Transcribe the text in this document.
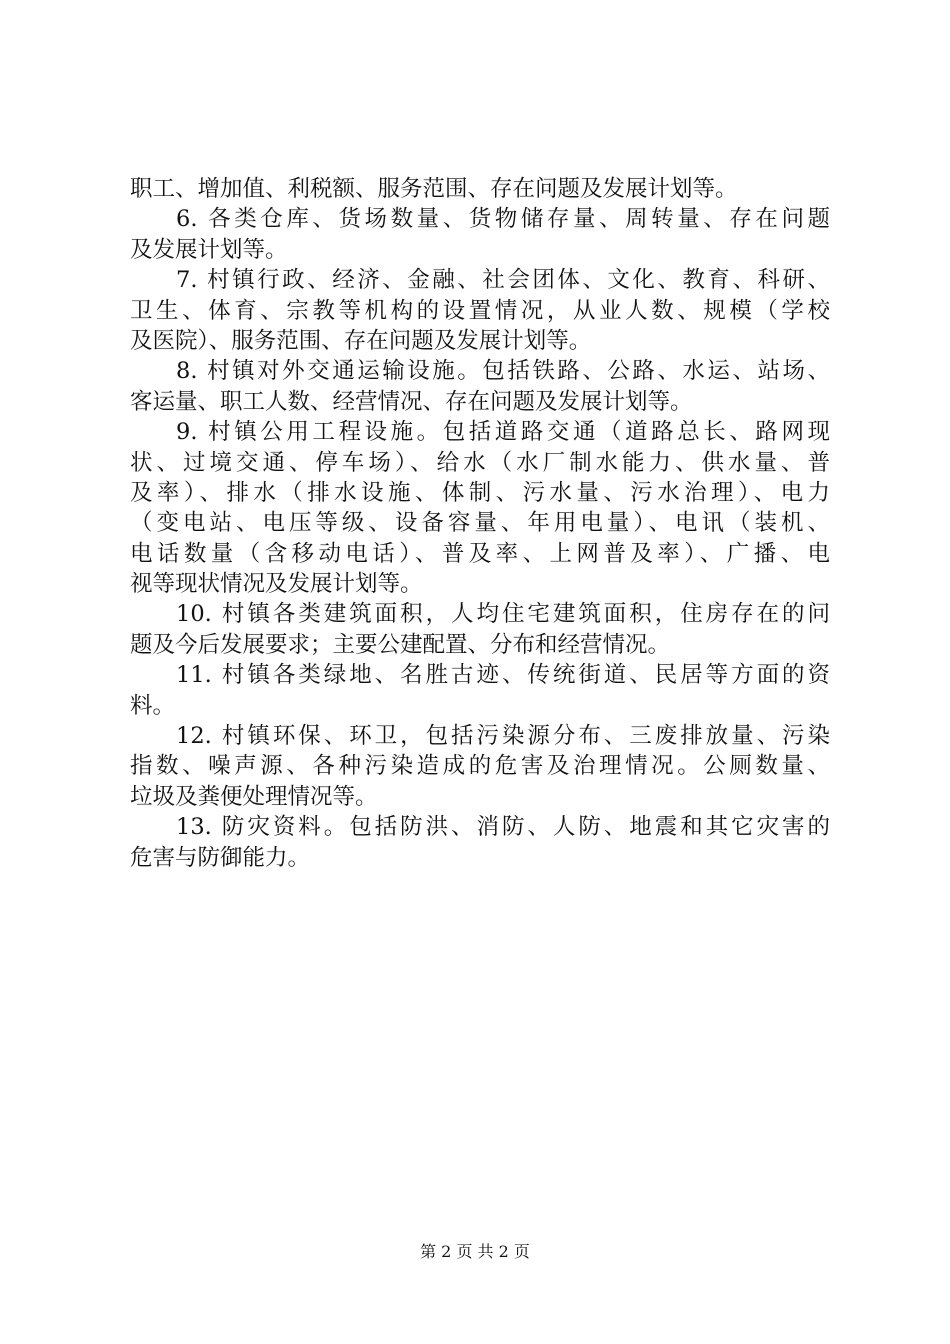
职工、增加值、利税额、服务范围、存在问题及发展计划等。
6. 各类仓库、货场数量、货物储存量、周转量、存在问题
及发展计划等。
7. 村镇行政、经济、金融、社会团体、文化、教育、科研、
卫生、体育、宗教等机构的设置情况，从业人数、规模（学校
及医院）、服务范围、存在问题及发展计划等。
8. 村镇对外交通运输设施。包括铁路、公路、水运、站场、
客运量、职工人数、经营情况、存在问题及发展计划等。
9. 村镇公用工程设施。包括道路交通（道路总长、路网现
状、过境交通、停车场）、给水（水厂制水能力、供水量、普
及率）、排水（排水设施、体制、污水量、污水治理）、电力
（变电站、电压等级、设备容量、年用电量）、电讯（装机、
电话数量（含移动电话）、普及率、上网普及率）、广播、电
视等现状情况及发展计划等。
10. 村镇各类建筑面积，人均住宅建筑面积，住房存在的问
题及今后发展要求；主要公建配置、分布和经营情况。
11. 村镇各类绿地、名胜古迹、传统街道、民居等方面的资
料。
12. 村镇环保、环卫，包括污染源分布、三废排放量、污染
指数、噪声源、各种污染造成的危害及治理情况。公厕数量、
垃圾及粪便处理情况等。
13. 防灾资料。包括防洪、消防、人防、地震和其它灾害的
危害与防御能力。
第 2 页 共 2 页
